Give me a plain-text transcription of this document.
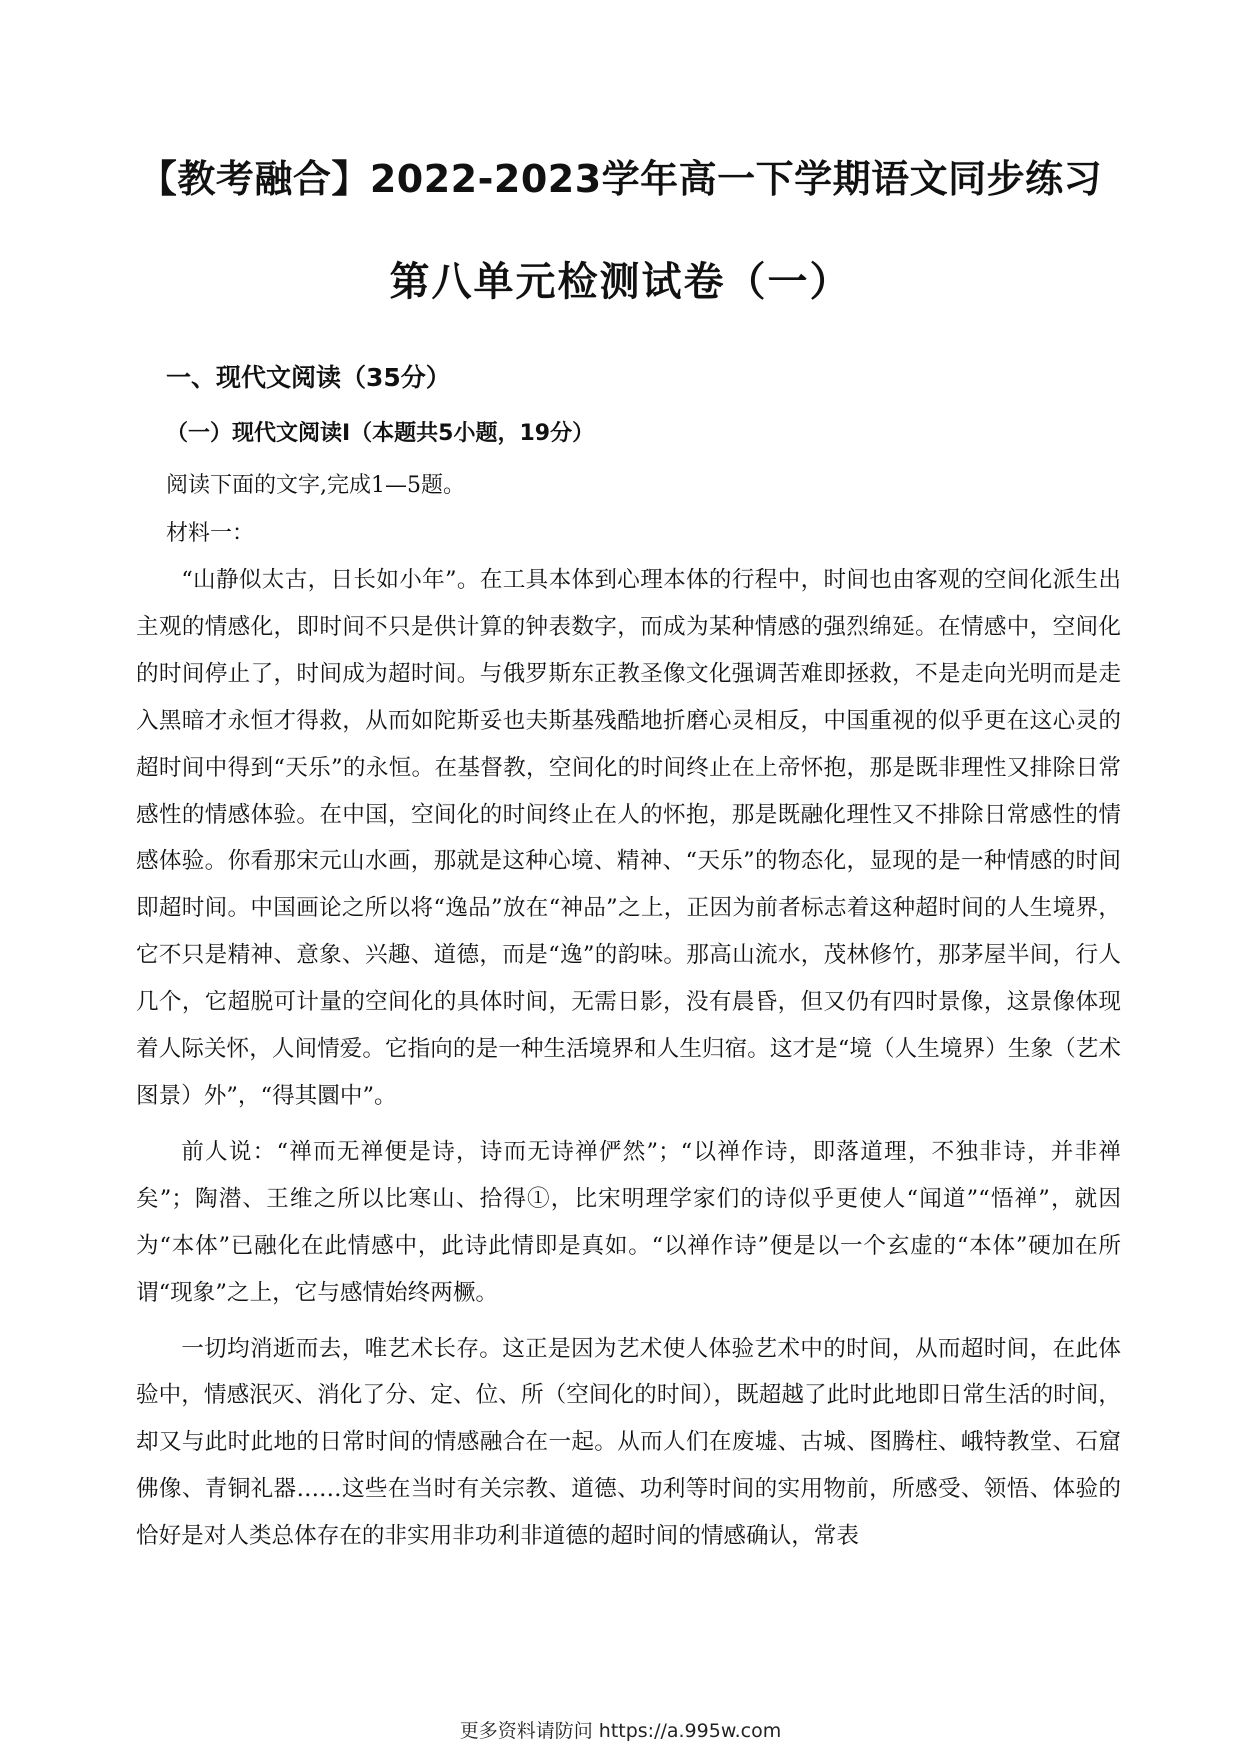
【教考融合】2022-2023学年高一下学期语文同步练习
第八单元检测试卷（一）
一、现代文阅读（35分）
（一）现代文阅读Ⅰ（本题共5小题，19分）
阅读下面的文字,完成1—5题。
材料一：

“山静似太古，日长如小年”。在工具本体到心理本体的行程中，时间也由客观的空间化派生出主观的情感化，即时间不只是供计算的钟表数字，而成为某种情感的强烈绵延。在情感中，空间化的时间停止了，时间成为超时间。与俄罗斯东正教圣像文化强调苦难即拯救，不是走向光明而是走入黑暗才永恒才得救，从而如陀斯妥也夫斯基残酷地折磨心灵相反，中国重视的似乎更在这心灵的超时间中得到“天乐”的永恒。在基督教，空间化的时间终止在上帝怀抱，那是既非理性又排除日常感性的情感体验。在中国，空间化的时间终止在人的怀抱，那是既融化理性又不排除日常感性的情感体验。你看那宋元山水画，那就是这种心境、精神、“天乐”的物态化，显现的是一种情感的时间即超时间。中国画论之所以将“逸品”放在“神品”之上，正因为前者标志着这种超时间的人生境界，它不只是精神、意象、兴趣、道德，而是“逸”的韵味。那高山流水，茂林修竹，那茅屋半间，行人几个，它超脱可计量的空间化的具体时间，无需日影，没有晨昏，但又仍有四时景像，这景像体现着人际关怀，人间情爱。它指向的是一种生活境界和人生归宿。这才是“境（人生境界）生象（艺术图景）外”，“得其圜中”。

前人说：“禅而无禅便是诗，诗而无诗禅俨然”；“以禅作诗，即落道理，不独非诗，并非禅矣”；陶潜、王维之所以比寒山、拾得①，比宋明理学家们的诗似乎更使人“闻道”“悟禅”，就因为“本体”已融化在此情感中，此诗此情即是真如。“以禅作诗”便是以一个玄虚的“本体”硬加在所谓“现象”之上，它与感情始终两橛。

一切均消逝而去，唯艺术长存。这正是因为艺术使人体验艺术中的时间，从而超时间，在此体验中，情感泯灭、消化了分、定、位、所（空间化的时间），既超越了此时此地即日常生活的时间，却又与此时此地的日常时间的情感融合在一起。从而人们在废墟、古城、图腾柱、峨特教堂、石窟佛像、青铜礼器……这些在当时有关宗教、道德、功利等时间的实用物前，所感受、领悟、体验的恰好是对人类总体存在的非实用非功利非道德的超时间的情感确认，常表

更多资料请防问 https://a.995w.com
